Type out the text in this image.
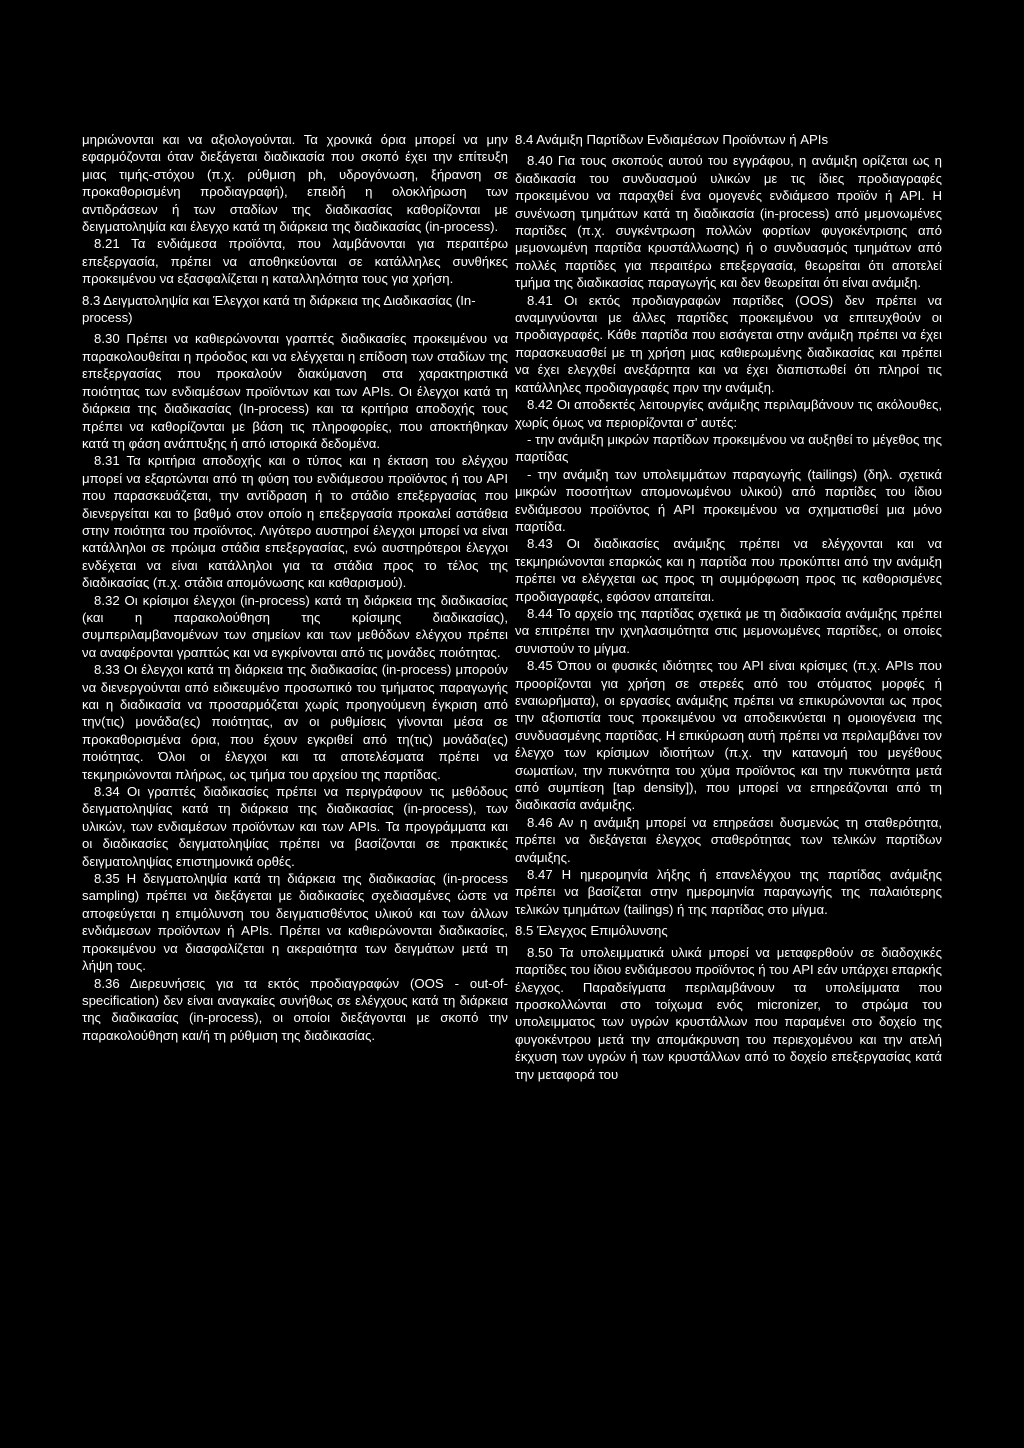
μηριώνονται και να αξιολογούνται. Τα χρονικά όρια μπορεί να μην εφαρμόζονται όταν διεξάγεται διαδικασία που σκοπό έχει την επίτευξη μιας τιμής-στόχου (π.χ. ρύθμιση ph, υδρογόνωση, ξήρανση σε προκαθορισμένη προδιαγραφή), επειδή η ολοκλήρωση των αντιδράσεων ή των σταδίων της διαδικασίας καθορίζονται με δειγματοληψία και έλεγχο κατά τη διάρκεια της διαδικασίας (in-process).

8.21 Τα ενδιάμεσα προϊόντα, που λαμβάνονται για περαιτέρω επεξεργασία, πρέπει να αποθηκεύονται σε κατάλληλες συνθήκες προκειμένου να εξασφαλίζεται η καταλληλότητα τους για χρήση.

8.3 Δειγματοληψία και Έλεγχοι κατά τη διάρκεια της Διαδικασίας (In-process)

8.30 Πρέπει να καθιερώνονται γραπτές διαδικασίες προκειμένου να παρακολουθείται η πρόοδος και να ελέγχεται η επίδοση των σταδίων της επεξεργασίας που προκαλούν διακύμανση στα χαρακτηριστικά ποιότητας των ενδιαμέσων προϊόντων και των APIs. Οι έλεγχοι κατά τη διάρκεια της διαδικασίας (In-process) και τα κριτήρια αποδοχής τους πρέπει να καθορίζονται με βάση τις πληροφορίες, που αποκτήθηκαν κατά τη φάση ανάπτυξης ή από ιστορικά δεδομένα.

8.31 Τα κριτήρια αποδοχής και ο τύπος και η έκταση του ελέγχου μπορεί να εξαρτώνται από τη φύση του ενδιάμεσου προϊόντος ή του API που παρασκευάζεται, την αντίδραση ή το στάδιο επεξεργασίας που διενεργείται και το βαθμό στον οποίο η επεξεργασία προκαλεί αστάθεια στην ποιότητα του προϊόντος. Λιγότερο αυστηροί έλεγχοι μπορεί να είναι κατάλληλοι σε πρώιμα στάδια επεξεργασίας, ενώ αυστηρότεροι έλεγχοι ενδέχεται να είναι κατάλληλοι για τα στάδια προς το τέλος της διαδικασίας (π.χ. στάδια απομόνωσης και καθαρισμού).

8.32 Οι κρίσιμοι έλεγχοι (in-process) κατά τη διάρκεια της διαδικασίας (και η παρακολούθηση της κρίσιμης διαδικασίας), συμπεριλαμβανομένων των σημείων και των μεθόδων ελέγχου πρέπει να αναφέρονται γραπτώς και να εγκρίνονται από τις μονάδες ποιότητας.

8.33 Οι έλεγχοι κατά τη διάρκεια της διαδικασίας (in-process) μπορούν να διενεργούνται από ειδικευμένο προσωπικό του τμήματος παραγωγής και η διαδικασία να προσαρμόζεται χωρίς προηγούμενη έγκριση από την(τις) μονάδα(ες) ποιότητας, αν οι ρυθμίσεις γίνονται μέσα σε προκαθορισμένα όρια, που έχουν εγκριθεί από τη(τις) μονάδα(ες) ποιότητας. Όλοι οι έλεγχοι και τα αποτελέσματα πρέπει να τεκμηριώνονται πλήρως, ως τμήμα του αρχείου της παρτίδας.

8.34 Οι γραπτές διαδικασίες πρέπει να περιγράφουν τις μεθόδους δειγματοληψίας κατά τη διάρκεια της διαδικασίας (in-process), των υλικών, των ενδιαμέσων προϊόντων και των APIs. Τα προγράμματα και οι διαδικασίες δειγματοληψίας πρέπει να βασίζονται σε πρακτικές δειγματοληψίας επιστημονικά ορθές.

8.35 Η δειγματοληψία κατά τη διάρκεια της διαδικασίας (in-process sampling) πρέπει να διεξάγεται με διαδικασίες σχεδιασμένες ώστε να αποφεύγεται η επιμόλυνση του δειγματισθέντος υλικού και των άλλων ενδιάμεσων προϊόντων ή APIs. Πρέπει να καθιερώνονται διαδικασίες, προκειμένου να διασφαλίζεται η ακεραιότητα των δειγμάτων μετά τη λήψη τους.

8.36 Διερευνήσεις για τα εκτός προδιαγραφών (OOS - out-of-specification) δεν είναι αναγκαίες συνήθως σε ελέγχους κατά τη διάρκεια της διαδικασίας (in-process), οι οποίοι διεξάγονται με σκοπό την παρακολούθηση και/ή τη ρύθμιση της διαδικασίας.

8.4 Ανάμιξη Παρτίδων Ενδιαμέσων Προϊόντων ή APIs

8.40 Για τους σκοπούς αυτού του εγγράφου, η ανάμιξη ορίζεται ως η διαδικασία του συνδυασμού υλικών με τις ίδιες προδιαγραφές προκειμένου να παραχθεί ένα ομογενές ενδιάμεσο προϊόν ή API. Η συνένωση τμημάτων κατά τη διαδικασία (in-process) από μεμονωμένες παρτίδες (π.χ. συγκέντρωση πολλών φορτίων φυγοκέντρισης από μεμονωμένη παρτίδα κρυστάλλωσης) ή ο συνδυασμός τμημάτων από πολλές παρτίδες για περαιτέρω επεξεργασία, θεωρείται ότι αποτελεί τμήμα της διαδικασίας παραγωγής και δεν θεωρείται ότι είναι ανάμιξη.

8.41 Οι εκτός προδιαγραφών παρτίδες (OOS) δεν πρέπει να αναμιγνύονται με άλλες παρτίδες προκειμένου να επιτευχθούν οι προδιαγραφές. Κάθε παρτίδα που εισάγεται στην ανάμιξη πρέπει να έχει παρασκευασθεί με τη χρήση μιας καθιερωμένης διαδικασίας και πρέπει να έχει ελεγχθεί ανεξάρτητα και να έχει διαπιστωθεί ότι πληροί τις κατάλληλες προδιαγραφές πριν την ανάμιξη.

8.42 Οι αποδεκτές λειτουργίες ανάμιξης περιλαμβάνουν τις ακόλουθες, χωρίς όμως να περιορίζονται σ' αυτές:

- την ανάμιξη μικρών παρτίδων προκειμένου να αυξηθεί το μέγεθος της παρτίδας

- την ανάμιξη των υπολειμμάτων παραγωγής (tailings) (δηλ. σχετικά μικρών ποσοτήτων απομονωμένου υλικού) από παρτίδες του ίδιου ενδιάμεσου προϊόντος ή API προκειμένου να σχηματισθεί μια μόνο παρτίδα.

8.43 Οι διαδικασίες ανάμιξης πρέπει να ελέγχονται και να τεκμηριώνονται επαρκώς και η παρτίδα που προκύπτει από την ανάμιξη πρέπει να ελέγχεται ως προς τη συμμόρφωση προς τις καθορισμένες προδιαγραφές, εφόσον απαιτείται.

8.44 Το αρχείο της παρτίδας σχετικά με τη διαδικασία ανάμιξης πρέπει να επιτρέπει την ιχνηλασιμότητα στις μεμονωμένες παρτίδες, οι οποίες συνιστούν το μίγμα.

8.45 Όπου οι φυσικές ιδιότητες του API είναι κρίσιμες (π.χ. APIs που προορίζονται για χρήση σε στερεές από του στόματος μορφές ή εναιωρήματα), οι εργασίες ανάμιξης πρέπει να επικυρώνονται ως προς την αξιοπιστία τους προκειμένου να αποδεικνύεται η ομοιογένεια της συνδυασμένης παρτίδας. Η επικύρωση αυτή πρέπει να περιλαμβάνει τον έλεγχο των κρίσιμων ιδιοτήτων (π.χ. την κατανομή του μεγέθους σωματίων, την πυκνότητα του χύμα προϊόντος και την πυκνότητα μετά από συμπίεση [tap density]), που μπορεί να επηρεάζονται από τη διαδικασία ανάμιξης.

8.46 Αν η ανάμιξη μπορεί να επηρεάσει δυσμενώς τη σταθερότητα, πρέπει να διεξάγεται έλεγχος σταθερότητας των τελικών παρτίδων ανάμιξης.

8.47 Η ημερομηνία λήξης ή επανελέγχου της παρτίδας ανάμιξης πρέπει να βασίζεται στην ημερομηνία παραγωγής της παλαιότερης τελικών τμημάτων (tailings) ή της παρτίδας στο μίγμα.

8.5 Έλεγχος Επιμόλυνσης

8.50 Τα υπολειμματικά υλικά μπορεί να μεταφερθούν σε διαδοχικές παρτίδες του ίδιου ενδιάμεσου προϊόντος ή του API εάν υπάρχει επαρκής έλεγχος. Παραδείγματα περιλαμβάνουν τα υπολείμματα που προσκολλώνται στο τοίχωμα ενός micronizer, το στρώμα του υπολειμματος των υγρών κρυστάλλων που παραμένει στο δοχείο της φυγοκέντρου μετά την απομάκρυνση του περιεχομένου και την ατελή έκχυση των υγρών ή των κρυστάλλων από το δοχείο επεξεργασίας κατά την μεταφορά του
